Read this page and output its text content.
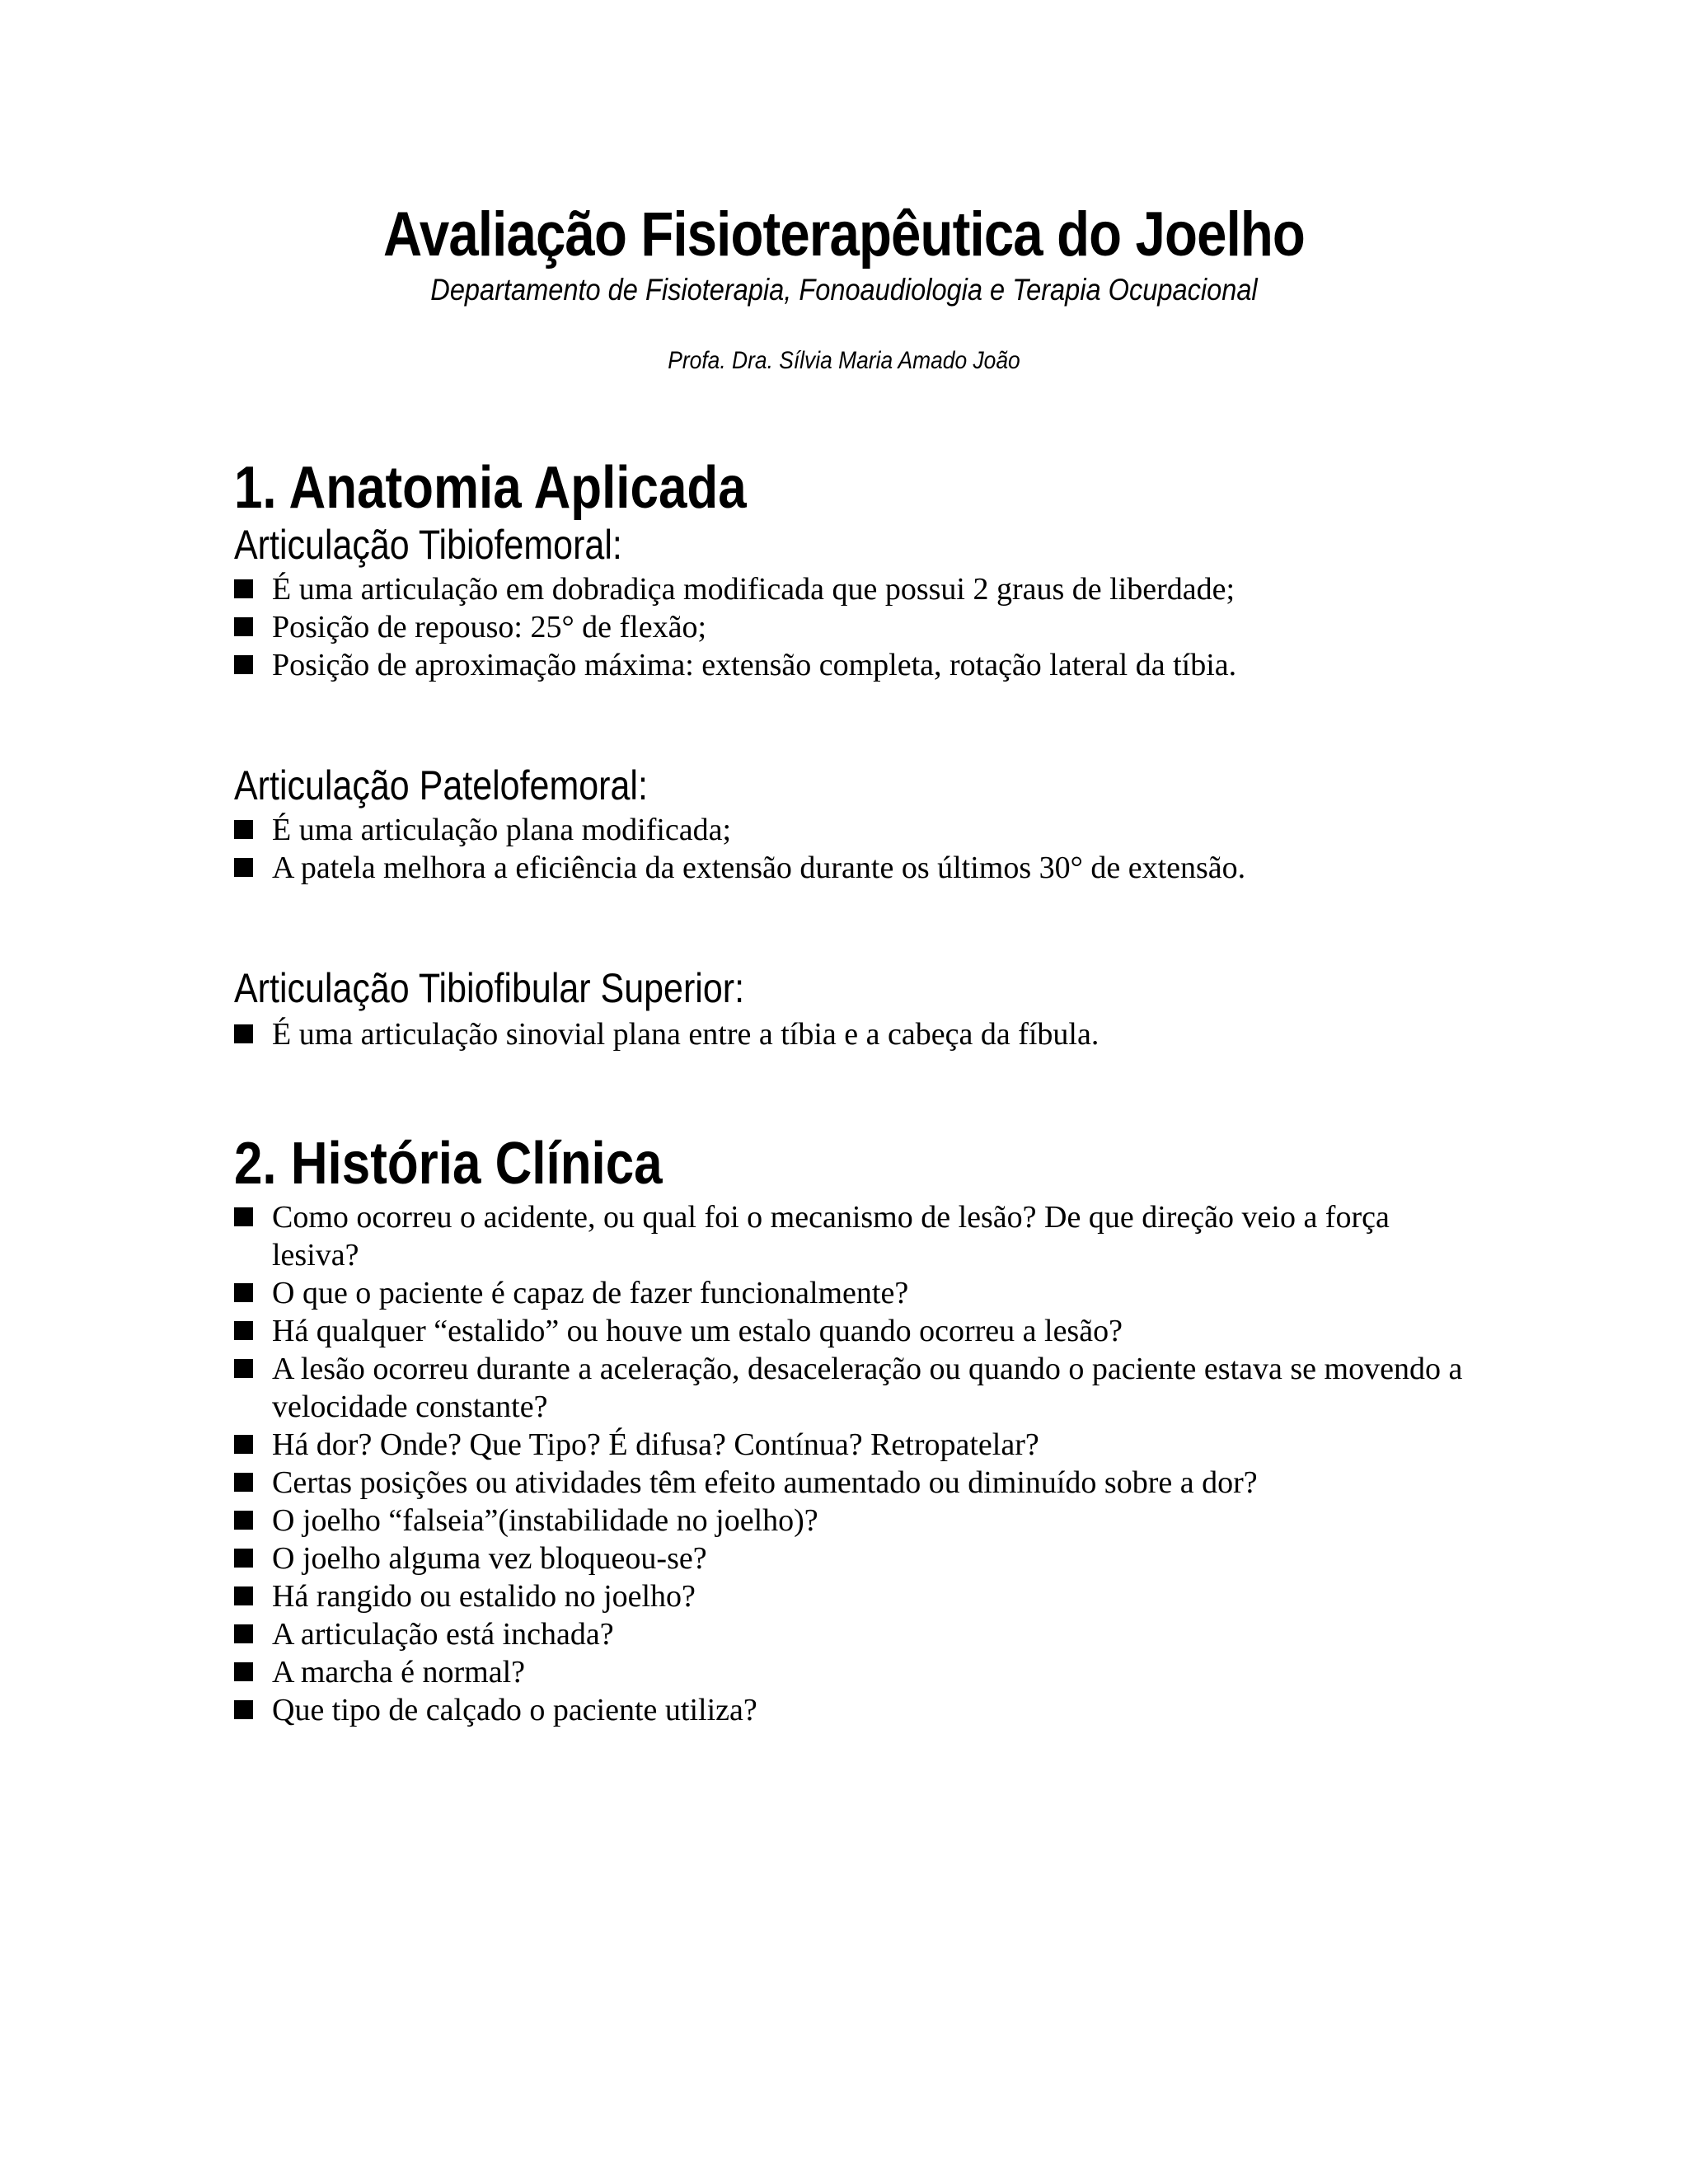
Avaliação Fisioterapêutica do Joelho
Departamento de Fisioterapia, Fonoaudiologia e Terapia Ocupacional
Profa. Dra. Sílvia Maria Amado João
1. Anatomia Aplicada
Articulação Tibiofemoral:
É uma articulação em dobradiça modificada que possui 2 graus de liberdade;
Posição de repouso: 25° de flexão;
Posição de aproximação máxima: extensão completa, rotação lateral da tíbia.
Articulação Patelofemoral:
É uma articulação plana modificada;
A patela melhora a eficiência da extensão durante os últimos 30° de extensão.
Articulação Tibiofibular Superior:
É uma articulação sinovial plana entre a tíbia e a cabeça da fíbula.
2. História Clínica
Como ocorreu o acidente, ou qual foi o mecanismo de lesão? De que direção veio a força lesiva?
O que o paciente é capaz de fazer funcionalmente?
Há qualquer “estalido” ou houve um estalo quando ocorreu a lesão?
A lesão ocorreu durante a aceleração, desaceleração ou quando o paciente estava se movendo a velocidade constante?
Há dor? Onde? Que Tipo? É difusa? Contínua? Retropatelar?
Certas posições ou atividades têm efeito aumentado ou diminuído sobre a dor?
O joelho “falseia”(instabilidade no joelho)?
O joelho alguma vez bloqueou-se?
Há rangido ou estalido no joelho?
A articulação está inchada?
A marcha é normal?
Que tipo de calçado o paciente utiliza?
